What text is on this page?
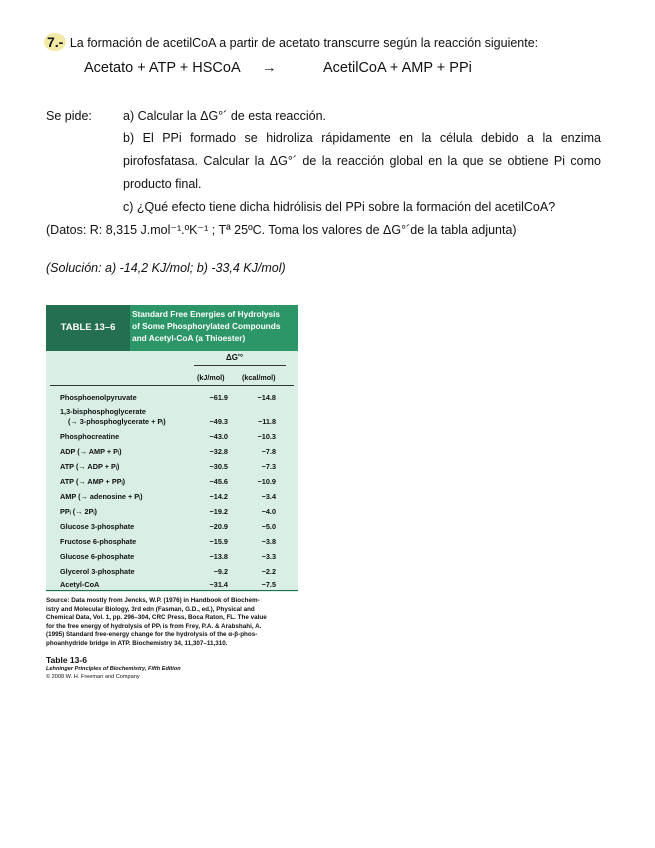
7.- La formación de acetilCoA a partir de acetato transcurre según la reacción siguiente:
Acetato + ATP + HSCoA →	AcetilCoA + AMP + PPi
Se pide: a) Calcular la ΔG°´ de esta reacción.
b) El PPi formado se hidroliza rápidamente en la célula debido a la enzima
pirofosfatasa. Calcular la ΔG°´ de la reacción global en la que se obtiene Pi como
producto final.
c) ¿Qué efecto tiene dicha hidrólisis del PPi sobre la formación del acetilCoA?
(Datos: R: 8,315 J.mol⁻¹.ºK⁻¹ ; Tª 25ºC. Toma los valores de ΔG°´de la tabla adjunta)
(Solución: a) -14,2 KJ/mol; b) -33,4 KJ/mol)
TABLE 13–6
Standard Free Energies of Hydrolysis
of Some Phosphorylated Compounds
and Acetyl-CoA (a Thioester)
ΔG′°
(kJ/mol) (kcal/mol)
Phosphoenolpyruvate	−61.9	−14.8
1,3-bisphosphoglycerate
(→ 3-phosphoglycerate + Pᵢ)	−49.3	−11.8
Phosphocreatine	−43.0	−10.3
ADP (→ AMP + Pᵢ)	−32.8	−7.8
ATP (→ ADP + Pᵢ)	−30.5	−7.3
ATP (→ AMP + PPᵢ)	−45.6	−10.9
AMP (→ adenosine + Pᵢ)	−14.2	−3.4
PPᵢ (→ 2Pᵢ)	−19.2	−4.0
Glucose 3-phosphate	−20.9	−5.0
Fructose 6-phosphate	−15.9	−3.8
Glucose 6-phosphate	−13.8	−3.3
Glycerol 3-phosphate	−9.2	−2.2
Acetyl-CoA	−31.4	−7.5
Source: Data mostly from Jencks, W.P. (1976) in Handbook of Biochem-
istry and Molecular Biology, 3rd edn (Fasman, G.D., ed.), Physical and
Chemical Data, Vol. 1, pp. 296–304, CRC Press, Boca Raton, FL. The value
for the free energy of hydrolysis of PPᵢ is from Frey, P.A. & Arabshahi, A.
(1995) Standard free-energy change for the hydrolysis of the α-β-phos-
phoanhydride bridge in ATP. Biochemistry 34, 11,307–11,310.
Table 13-6
Lehninger Principles of Biochemistry, Fifth Edition
© 2008 W. H. Freeman and Company
